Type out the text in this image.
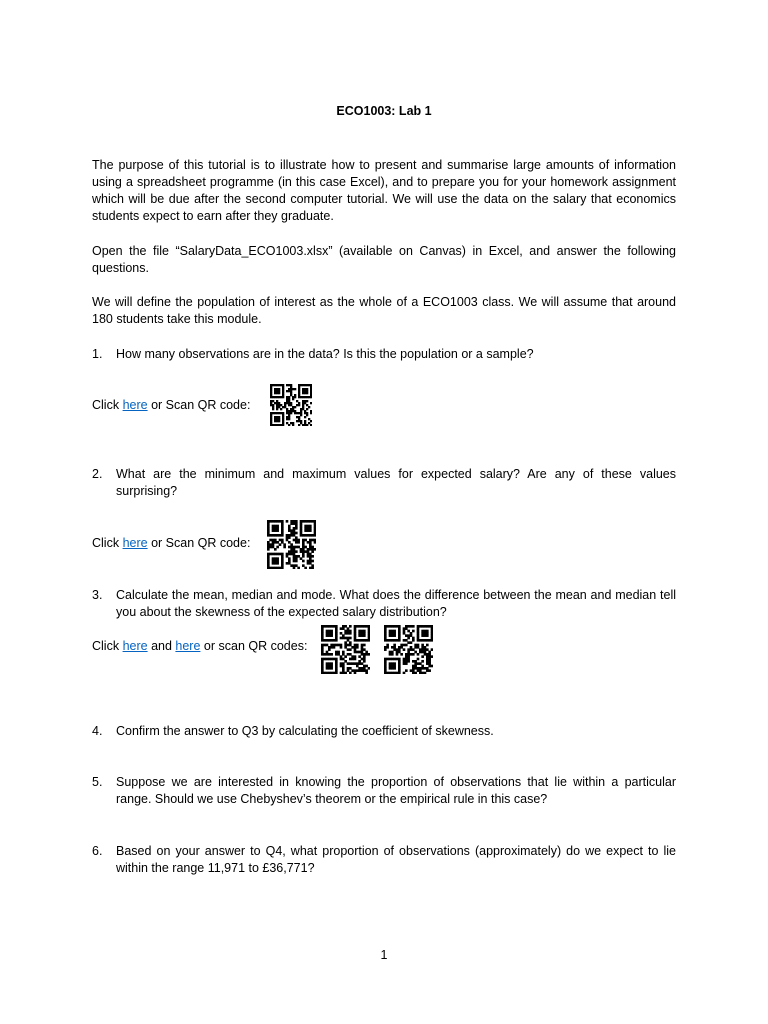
ECO1003: Lab 1
The purpose of this tutorial is to illustrate how to present and summarise large amounts of information using a spreadsheet programme (in this case Excel), and to prepare you for your homework assignment which will be due after the second computer tutorial. We will use the data on the salary that economics students expect to earn after they graduate.
Open the file “SalaryData_ECO1003.xlsx” (available on Canvas) in Excel, and answer the following questions.
We will define the population of interest as the whole of a ECO1003 class. We will assume that around 180 students take this module.
1.	How many observations are in the data? Is this the population or a sample?
Click here or Scan QR code:
2.	What are the minimum and maximum values for expected salary? Are any of these values surprising?
Click here or Scan QR code:
3.	Calculate the mean, median and mode. What does the difference between the mean and median tell you about the skewness of the expected salary distribution?
Click here and here or scan QR codes:
4.	Confirm the answer to Q3 by calculating the coefficient of skewness.
5.	Suppose we are interested in knowing the proportion of observations that lie within a particular range. Should we use Chebyshev’s theorem or the empirical rule in this case?
6.	Based on your answer to Q4, what proportion of observations (approximately) do we expect to lie within the range 11,971 to £36,771?
1
